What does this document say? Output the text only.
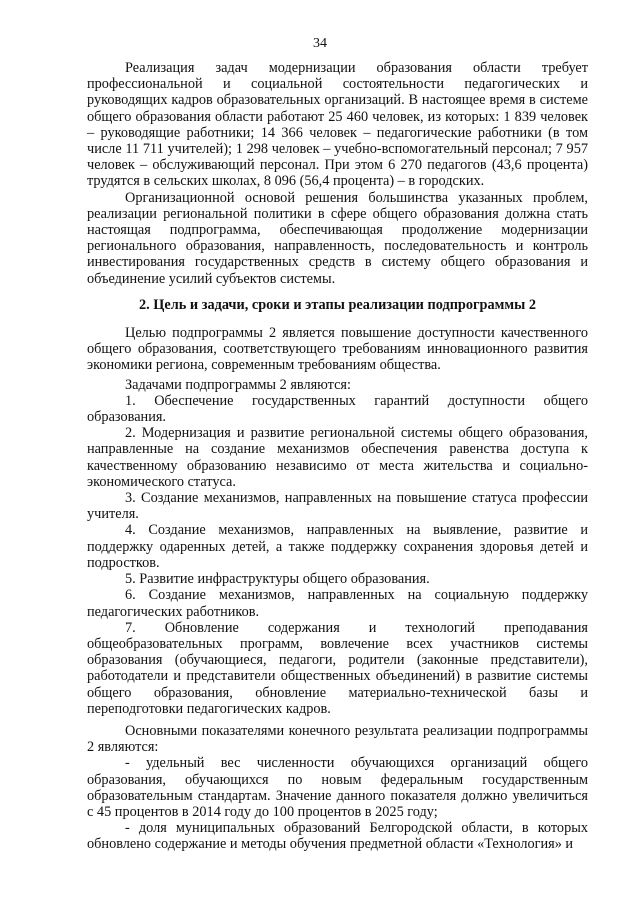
34

Реализация задач модернизации образования области требует профессиональной и социальной состоятельности педагогических и руководящих кадров образовательных организаций. В настоящее время в системе общего образования области работают 25 460 человек, из которых: 1 839 человек – руководящие работники; 14 366 человек – педагогические работники (в том числе 11 711 учителей); 1 298 человек – учебно-вспомогательный персонал; 7 957 человек – обслуживающий персонал. При этом 6 270 педагогов (43,6 процента) трудятся в сельских школах, 8 096 (56,4 процента) – в городских.

Организационной основой решения большинства указанных проблем, реализации региональной политики в сфере общего образования должна стать настоящая подпрограмма, обеспечивающая продолжение модернизации регионального образования, направленность, последовательность и контроль инвестирования государственных средств в систему общего образования и объединение усилий субъектов системы.

2. Цель и задачи, сроки и этапы реализации подпрограммы 2

Целью подпрограммы 2 является повышение доступности качественного общего образования, соответствующего требованиям инновационного развития экономики региона, современным требованиям общества.

Задачами подпрограммы 2 являются:

1. Обеспечение государственных гарантий доступности общего образования.

2. Модернизация и развитие региональной системы общего образования, направленные на создание механизмов обеспечения равенства доступа к качественному образованию независимо от места жительства и социально-экономического статуса.

3. Создание механизмов, направленных на повышение статуса профессии учителя.

4. Создание механизмов, направленных на выявление, развитие и поддержку одаренных детей, а также поддержку сохранения здоровья детей и подростков.

5. Развитие инфраструктуры общего образования.

6. Создание механизмов, направленных на социальную поддержку педагогических работников.

7. Обновление содержания и технологий преподавания общеобразовательных программ, вовлечение всех участников системы образования (обучающиеся, педагоги, родители (законные представители), работодатели и представители общественных объединений) в развитие системы общего образования, обновление материально-технической базы и переподготовки педагогических кадров.

Основными показателями конечного результата реализации подпрограммы 2 являются:

- удельный вес численности обучающихся организаций общего образования, обучающихся по новым федеральным государственным образовательным стандартам. Значение данного показателя должно увеличиться с 45 процентов в 2014 году до 100 процентов в 2025 году;

- доля муниципальных образований Белгородской области, в которых обновлено содержание и методы обучения предметной области «Технология» и
